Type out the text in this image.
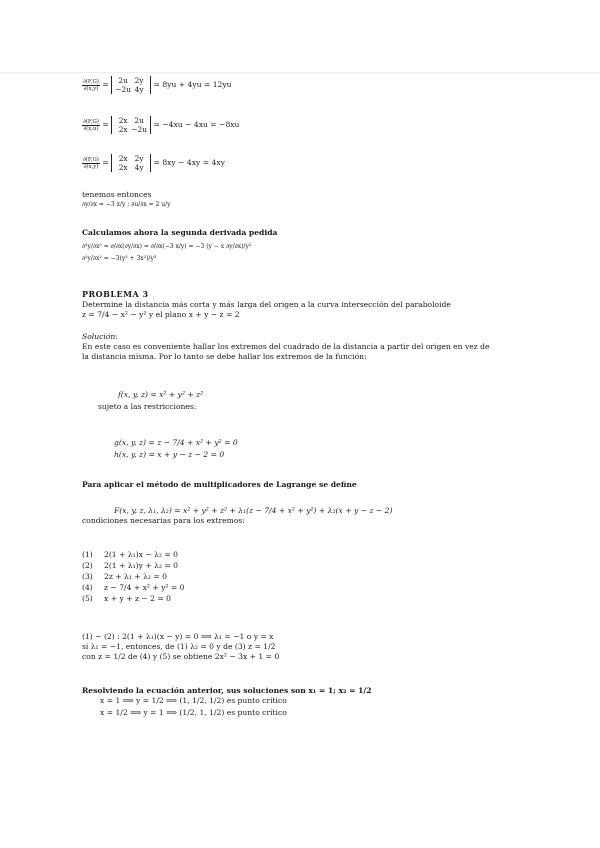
$\frac{\partial(F,G)}{\partial(x,y)} = 2u$ 2y
−2u 4y
= 8yu + 4yu = 12yu
$\frac{\partial(F,G)}{\partial(x,u)}$ =	2x 2u
2x −2u
= −4xu − 4xu = −8xu
$\frac{\partial(F,G)}{\partial(x,y)}$ =	2x 2y
2x 4y
= 8xy − 4xy = 4xy
tenemos entonces
∂y/∂x = −3 x/y ; ∂u/∂x = 2 u/y
Calculamos ahora la segunda derivada pedida
∂²y/∂x² = ∂/∂x(∂y/∂x) = ∂/∂x(−3 x/y) = −3 (y − x ∂y/∂x)/y²
∂²y/∂x² = −3(y² + 3x²)/y³
PROBLEMA 3
Determine la distancia más corta y más larga del origen a la curva intersección del paraboloide
z = 7/4 − x² − y² y el plano x + y − z = 2
Solución:
En este caso es conveniente hallar los extremos del cuadrado de la distancia a partir del origen en vez de
la distancia misma. Por lo tanto se debe hallar los extremos de la función:
f(x, y, z) = x² + y² + z²
sujeto a las restricciones:
g(x, y, z) = z − 7/4 + x² + y² = 0
h(x, y, z) = x + y − z − 2 = 0
Para aplicar el método de multiplicadores de Lagrange se define
F(x, y, z, λ₁, λ₂) = x² + y² + z² + λ₁(z − 7/4 + x² + y²) + λ₂(x + y − z − 2)
condiciones necesarias para los extremos:
(1) 2(1 + λ₁)x − λ₂ = 0
(2) 2(1 + λ₁)y + λ₂ = 0
(3) 2z + λ₁ + λ₂ = 0
(4) z − 7/4 + x² + y² = 0
(5) x + y + z − 2 = 0
(1) − (2) : 2(1 + λ₁)(x − y) = 0 ⟹ λ₁ = −1 o y = x
si λ₁ = −1, entonces, de (1) λ₂ = 0 y de (3) z = 1/2
con z = 1/2 de (4) y (5) se obtiene 2x² − 3x + 1 = 0
Resolviendo la ecuación anterior, sus soluciones son x₁ = 1; x₂ = 1/2
x = 1 ⟹ y = 1/2 ⟹ (1, 1/2, 1/2) es punto crítico
x = 1/2 ⟹ y = 1 ⟹ (1/2, 1, 1/2) es punto crítico
